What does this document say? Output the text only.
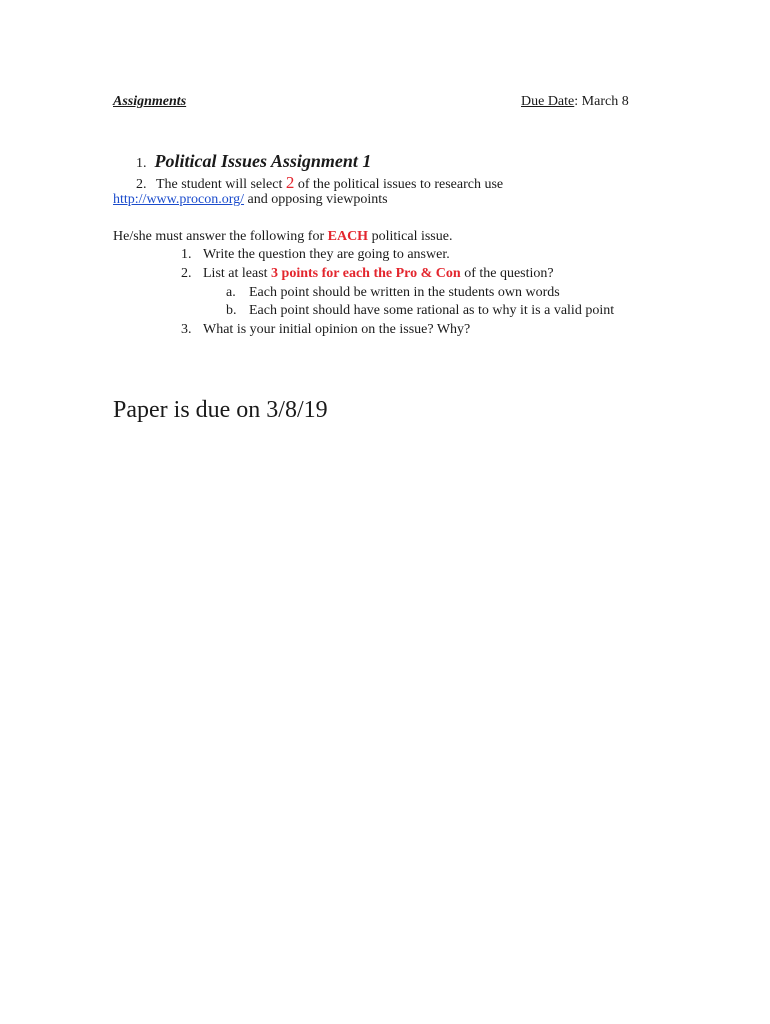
Assignments	Due Date: March 8
1. Political Issues Assignment 1
2. The student will select 2 of the political issues to research use
http://www.procon.org/ and opposing viewpoints
He/she must answer the following for EACH political issue.
1. Write the question they are going to answer.
2. List at least 3 points for each the Pro & Con of the question?
a. Each point should be written in the students own words
b. Each point should have some rational as to why it is a valid point
3. What is your initial opinion on the issue? Why?
Paper is due on 3/8/19
